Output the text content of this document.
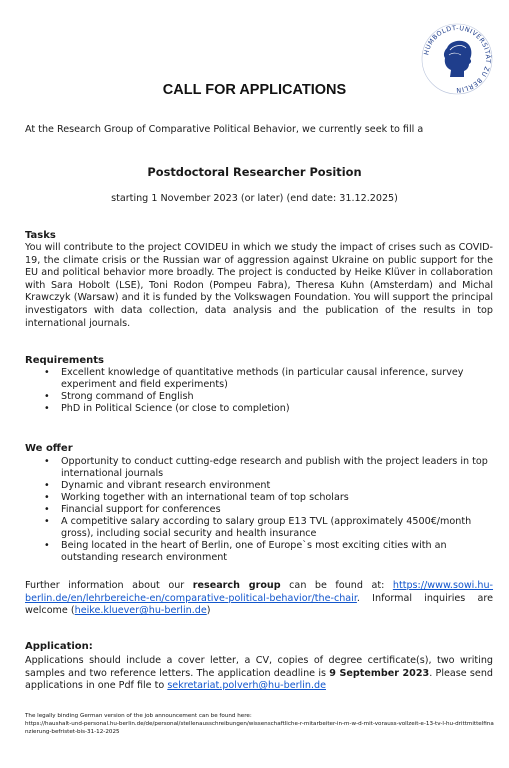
HUMBOLDT-UNIVERSITÄT ZU BERLIN
CALL FOR APPLICATIONS
At the Research Group of Comparative Political Behavior, we currently seek to fill a
Postdoctoral Researcher Position
starting 1 November 2023 (or later) (end date: 31.12.2025)
Tasks
You will contribute to the project COVIDEU in which we study the impact of crises such as COVID-19, the climate crisis or the Russian war of aggression against Ukraine on public support for the EU and political behavior more broadly. The project is conducted by Heike Klüver in collaboration with Sara Hobolt (LSE), Toni Rodon (Pompeu Fabra), Theresa Kuhn (Amsterdam) and Michal Krawczyk (Warsaw) and it is funded by the Volkswagen Foundation. You will support the principal investigators with data collection, data analysis and the publication of the results in top international journals.
Requirements
• Excellent knowledge of quantitative methods (in particular causal inference, survey experiment and field experiments)
• Strong command of English
• PhD in Political Science (or close to completion)
We offer
• Opportunity to conduct cutting-edge research and publish with the project leaders in top international journals
• Dynamic and vibrant research environment
• Working together with an international team of top scholars
• Financial support for conferences
• A competitive salary according to salary group E13 TVL (approximately 4500€/month gross), including social security and health insurance
• Being located in the heart of Berlin, one of Europe`s most exciting cities with an outstanding research environment
Further information about our research group can be found at: https://www.sowi.hu-berlin.de/en/lehrbereiche-en/comparative-political-behavior/the-chair. Informal inquiries are welcome (heike.kluever@hu-berlin.de)
Application:
Applications should include a cover letter, a CV, copies of degree certificate(s), two writing samples and two reference letters. The application deadline is 9 September 2023. Please send applications in one Pdf file to sekretariat.polverh@hu-berlin.de
The legally binding German version of the job announcement can be found here:
https://haushalt-und-personal.hu-berlin.de/de/personal/stellenausschreibungen/wissenschaftliche-r-mitarbeiter-in-m-w-d-mit-vorauss-vollzeit-e-13-tv-l-hu-drittmittelfinanzierung-befristet-bis-31-12-2025
